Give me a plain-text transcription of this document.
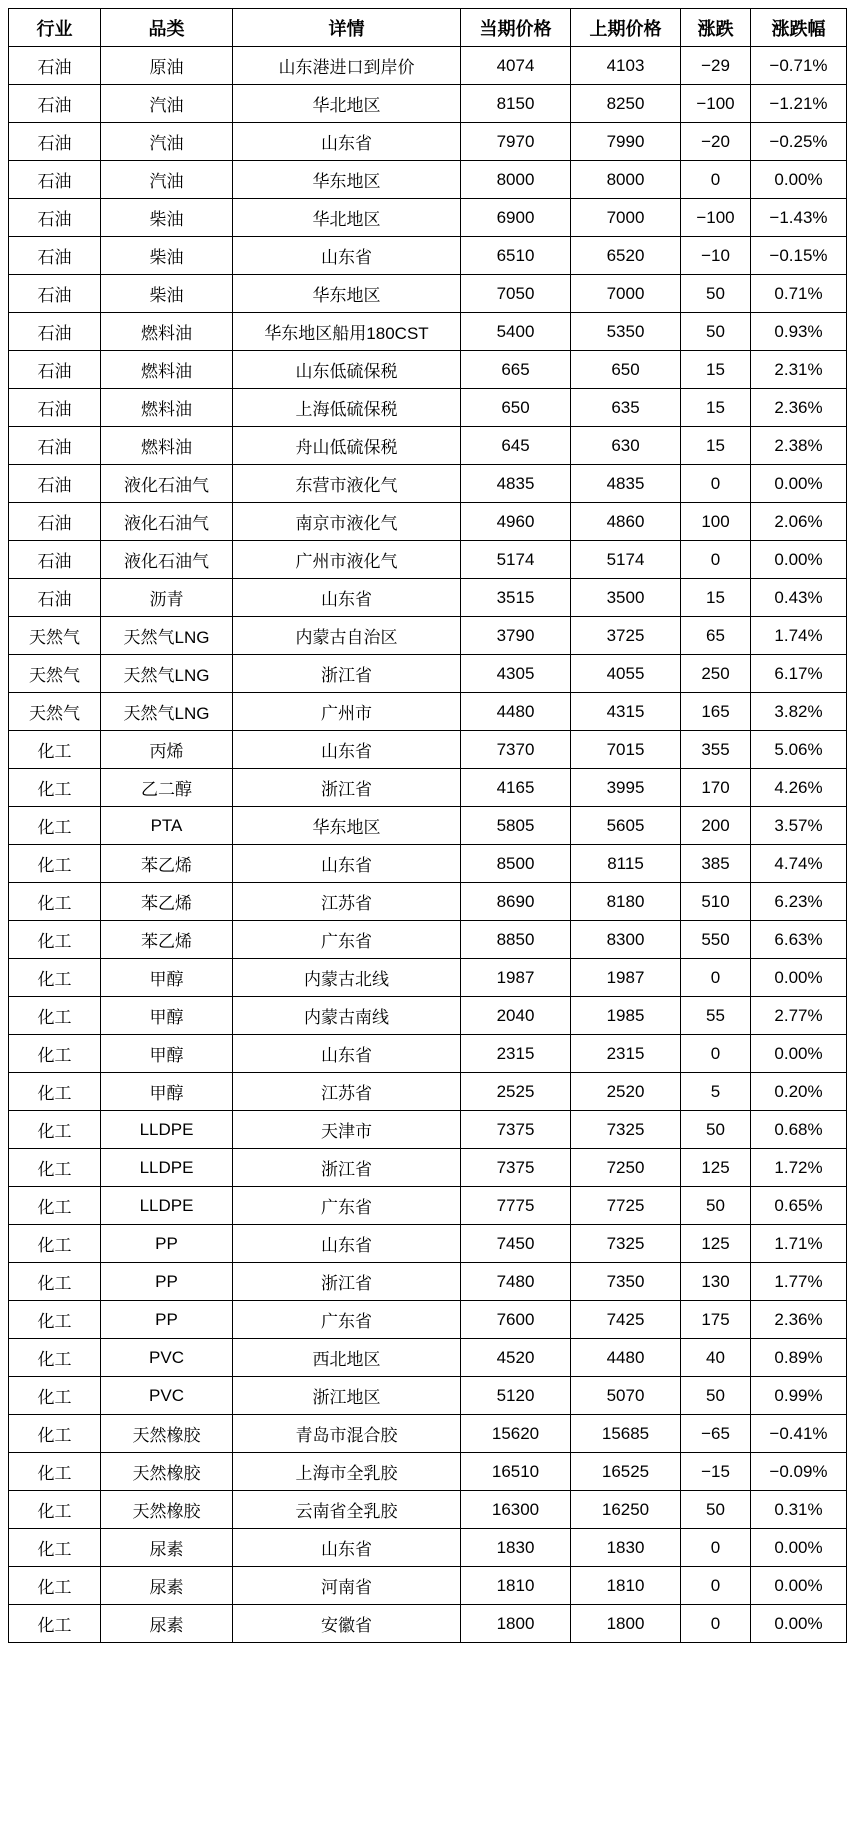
行业	品类	详情	当期价格	上期价格	涨跌	涨跌幅
石油	原油	山东港进口到岸价	4074	4103	−29	−0.71%
石油	汽油	华北地区	8150	8250	−100	−1.21%
石油	汽油	山东省	7970	7990	−20	−0.25%
石油	汽油	华东地区	8000	8000	0	0.00%
石油	柴油	华北地区	6900	7000	−100	−1.43%
石油	柴油	山东省	6510	6520	−10	−0.15%
石油	柴油	华东地区	7050	7000	50	0.71%
石油	燃料油	华东地区船用180CST	5400	5350	50	0.93%
石油	燃料油	山东低硫保税	665	650	15	2.31%
石油	燃料油	上海低硫保税	650	635	15	2.36%
石油	燃料油	舟山低硫保税	645	630	15	2.38%
石油	液化石油气	东营市液化气	4835	4835	0	0.00%
石油	液化石油气	南京市液化气	4960	4860	100	2.06%
石油	液化石油气	广州市液化气	5174	5174	0	0.00%
石油	沥青	山东省	3515	3500	15	0.43%
天然气	天然气LNG	内蒙古自治区	3790	3725	65	1.74%
天然气	天然气LNG	浙江省	4305	4055	250	6.17%
天然气	天然气LNG	广州市	4480	4315	165	3.82%
化工	丙烯	山东省	7370	7015	355	5.06%
化工	乙二醇	浙江省	4165	3995	170	4.26%
化工	PTA	华东地区	5805	5605	200	3.57%
化工	苯乙烯	山东省	8500	8115	385	4.74%
化工	苯乙烯	江苏省	8690	8180	510	6.23%
化工	苯乙烯	广东省	8850	8300	550	6.63%
化工	甲醇	内蒙古北线	1987	1987	0	0.00%
化工	甲醇	内蒙古南线	2040	1985	55	2.77%
化工	甲醇	山东省	2315	2315	0	0.00%
化工	甲醇	江苏省	2525	2520	5	0.20%
化工	LLDPE	天津市	7375	7325	50	0.68%
化工	LLDPE	浙江省	7375	7250	125	1.72%
化工	LLDPE	广东省	7775	7725	50	0.65%
化工	PP	山东省	7450	7325	125	1.71%
化工	PP	浙江省	7480	7350	130	1.77%
化工	PP	广东省	7600	7425	175	2.36%
化工	PVC	西北地区	4520	4480	40	0.89%
化工	PVC	浙江地区	5120	5070	50	0.99%
化工	天然橡胶	青岛市混合胶	15620	15685	−65	−0.41%
化工	天然橡胶	上海市全乳胶	16510	16525	−15	−0.09%
化工	天然橡胶	云南省全乳胶	16300	16250	50	0.31%
化工	尿素	山东省	1830	1830	0	0.00%
化工	尿素	河南省	1810	1810	0	0.00%
化工	尿素	安徽省	1800	1800	0	0.00%
